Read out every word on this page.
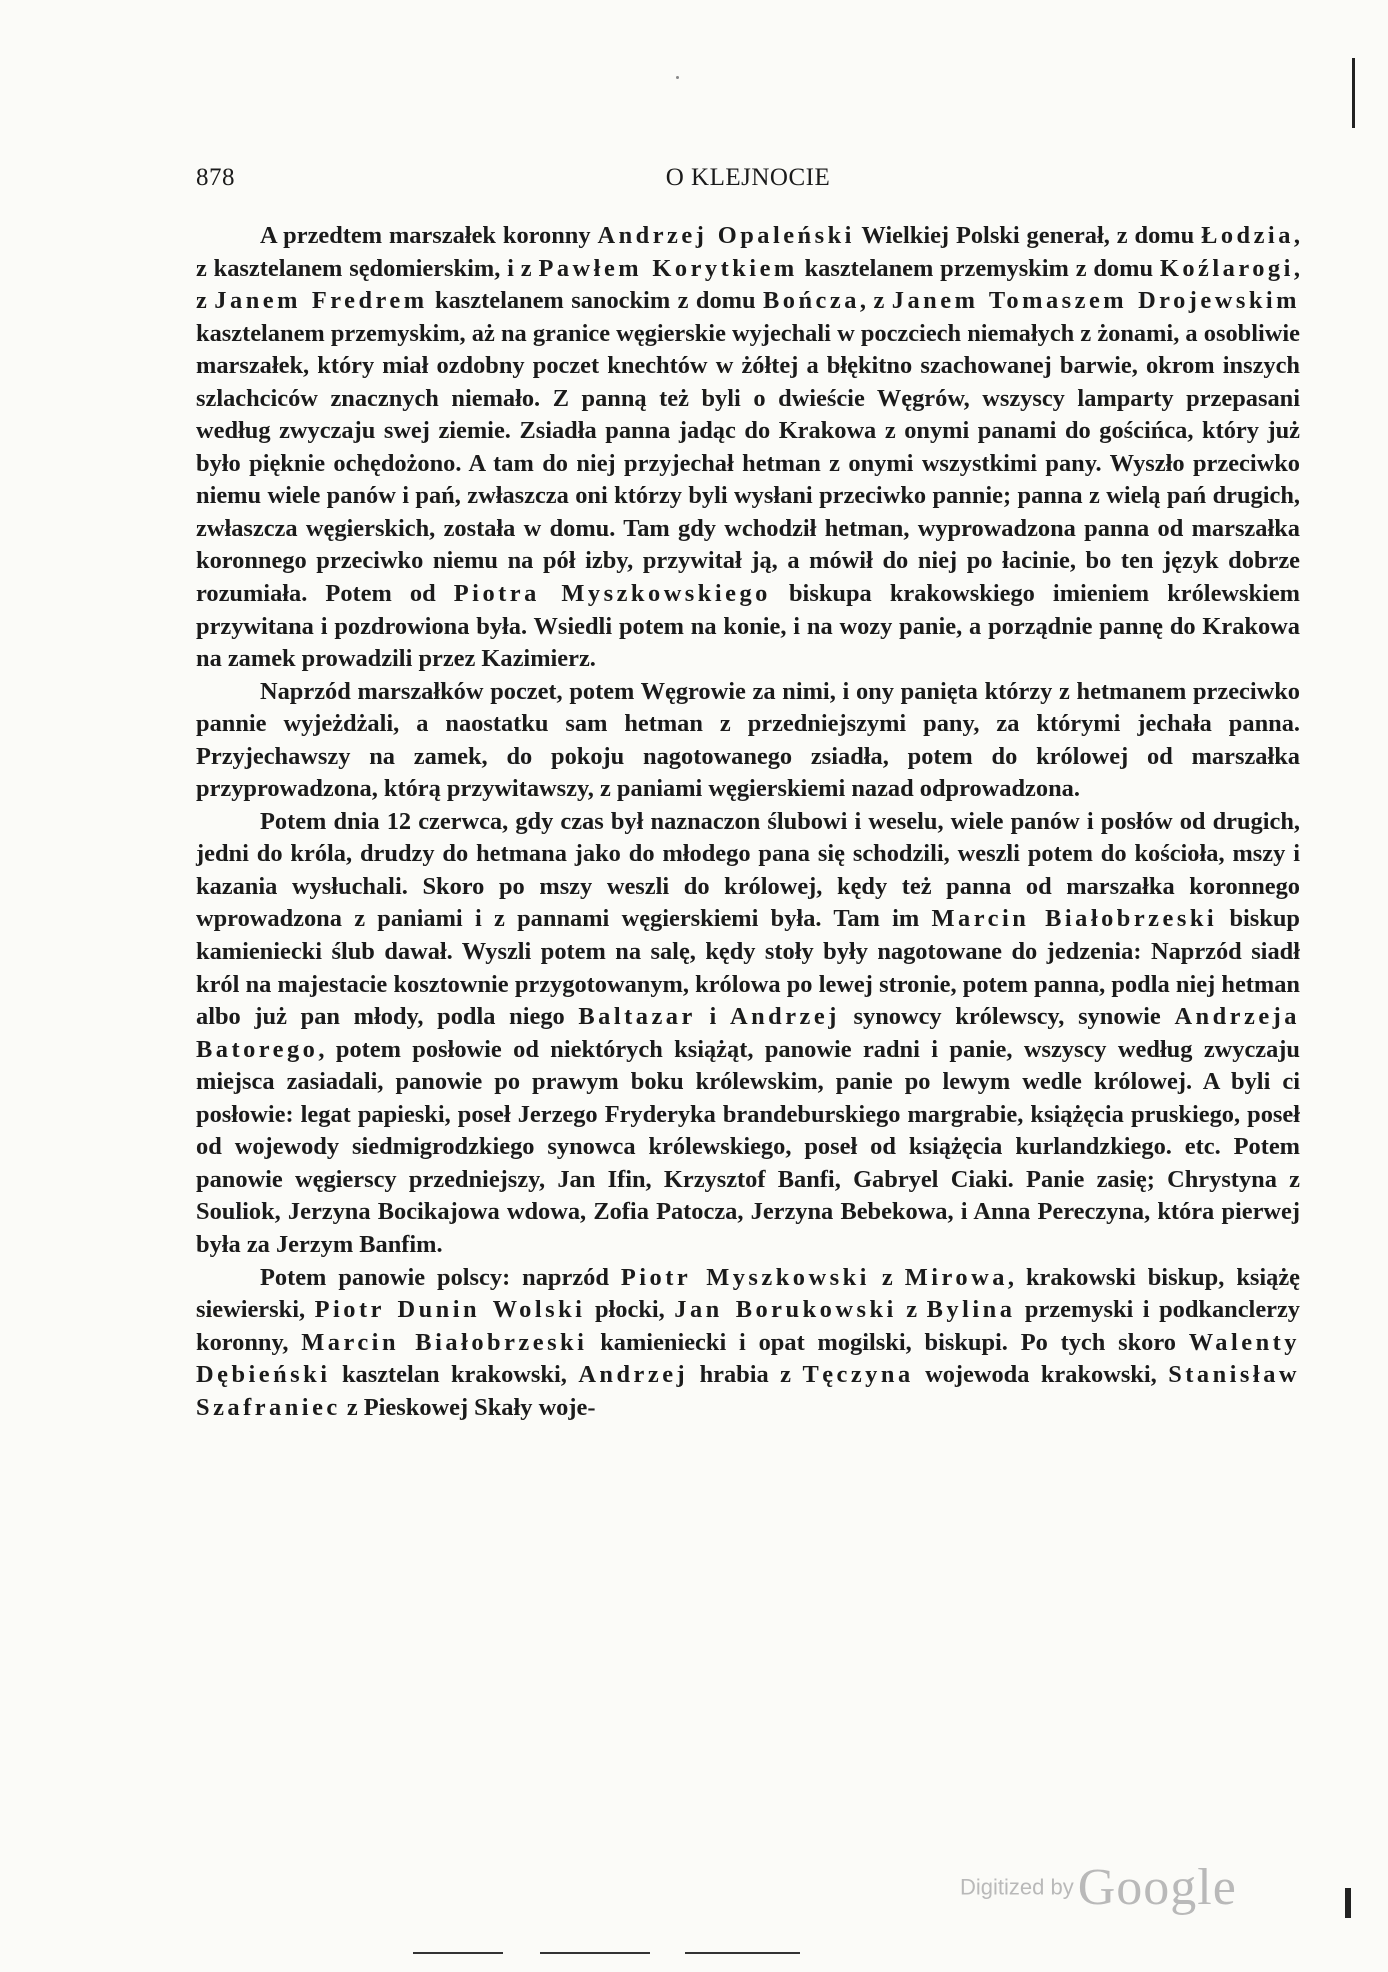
878	O KLEJNOCIE

A przedtem marszałek koronny Andrzej Opaleński Wielkiej Polski generał, z domu Łodzia, z kasztelanem sędomierskim, i z Pawłem Korytkiem kasztelanem przemyskim z domu Koźlarogi, z Janem Fredrem kasztelanem sanockim z domu Bończa, z Janem Tomaszem Drojewskim kasztelanem przemyskim, aż na granice węgierskie wyjechali w poczciech niemałych z żonami, a osobliwie marszałek, który miał ozdobny poczet knechtów w żółtej a błękitno szachowanej barwie, okrom inszych szlachciców znacznych niemało. Z panną też byli o dwieście Węgrów, wszyscy lamparty przepasani według zwyczaju swej ziemie. Zsiadła panna jadąc do Krakowa z onymi panami do gościńca, który już było pięknie ochędożono. A tam do niej przyjechał hetman z onymi wszystkimi pany. Wyszło przeciwko niemu wiele panów i pań, zwłaszcza oni którzy byli wysłani przeciwko pannie; panna z wielą pań drugich, zwłaszcza węgierskich, została w domu. Tam gdy wchodził hetman, wyprowadzona panna od marszałka koronnego przeciwko niemu na pół izby, przywitał ją, a mówił do niej po łacinie, bo ten język dobrze rozumiała. Potem od Piotra Myszkowskiego biskupa krakowskiego imieniem królewskiem przywitana i pozdrowiona była. Wsiedli potem na konie, i na wozy panie, a porządnie pannę do Krakowa na zamek prowadzili przez Kazimierz.

Naprzód marszałków poczet, potem Węgrowie za nimi, i ony panięta którzy z hetmanem przeciwko pannie wyjeżdżali, a naostatku sam hetman z przedniejszymi pany, za którymi jechała panna. Przyjechawszy na zamek, do pokoju nagotowanego zsiadła, potem do królowej od marszałka przyprowadzona, którą przywitawszy, z paniami węgierskiemi nazad odprowadzona.

Potem dnia 12 czerwca, gdy czas był naznaczon ślubowi i weselu, wiele panów i posłów od drugich, jedni do króla, drudzy do hetmana jako do młodego pana się schodzili, weszli potem do kościoła, mszy i kazania wysłuchali. Skoro po mszy weszli do królowej, kędy też panna od marszałka koronnego wprowadzona z paniami i z pannami węgierskiemi była. Tam im Marcin Białobrzeski biskup kamieniecki ślub dawał. Wyszli potem na salę, kędy stoły były nagotowane do jedzenia: Naprzód siadł król na majestacie kosztownie przygotowanym, królowa po lewej stronie, potem panna, podla niej hetman albo już pan młody, podla niego Baltazar i Andrzej synowcy królewscy, synowie Andrzeja Batorego, potem posłowie od niektórych książąt, panowie radni i panie, wszyscy według zwyczaju miejsca zasiadali, panowie po prawym boku królewskim, panie po lewym wedle królowej. A byli ci posłowie: legat papieski, poseł Jerzego Fryderyka brandeburskiego margrabie, książęcia pruskiego, poseł od wojewody siedmigrodzkiego synowca królewskiego, poseł od książęcia kurlandzkiego. etc. Potem panowie węgierscy przedniejszy, Jan Ifin, Krzysztof Banfi, Gabryel Ciaki. Panie zasię; Chrystyna z Souliok, Jerzyna Bocikajowa wdowa, Zofia Patocza, Jerzyna Bebekowa, i Anna Pereczyna, która pierwej była za Jerzym Banfim.

Potem panowie polscy: naprzód Piotr Myszkowski z Mirowa, krakowski biskup, książę siewierski, Piotr Dunin Wolski płocki, Jan Borukowski z Bylina przemyski i podkanclerzy koronny, Marcin Białobrzeski kamieniecki i opat mogilski, biskupi. Po tych skoro Walenty Dębieński kasztelan krakowski, Andrzej hrabia z Tęczyna wojewoda krakowski, Stanisław Szafraniec z Pieskowej Skały woje-

Digitized by Google
